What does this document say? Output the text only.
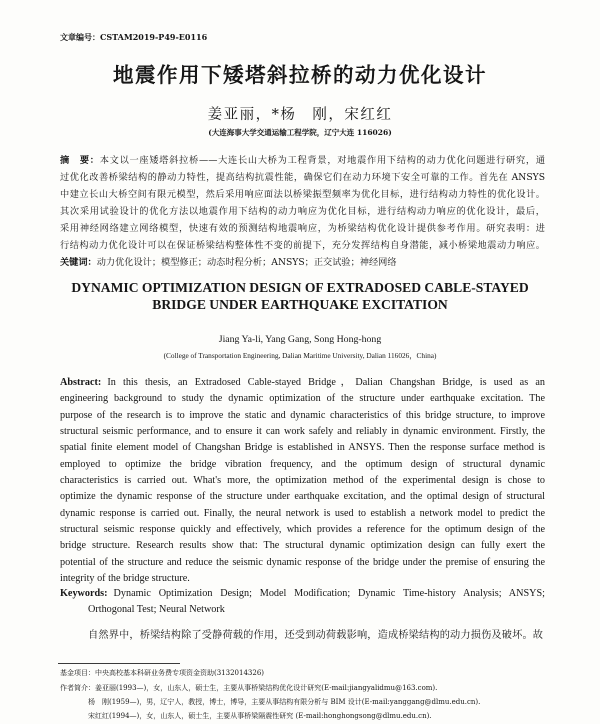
文章编号：CSTAM2019-P49-E0116
地震作用下矮塔斜拉桥的动力优化设计
姜亚丽，*杨　刚，宋红红
(大连海事大学交通运输工程学院，辽宁大连 116026)
摘　要：本文以一座矮塔斜拉桥——大连长山大桥为工程背景，对地震作用下结构的动力优化问题进行研究，通
过优化改善桥梁结构的静动力特性，提高结构抗震性能，确保它们在动力环境下安全可靠的工作。首先在 ANSYS
中建立长山大桥空间有限元模型，然后采用响应面法以桥梁振型频率为优化目标，进行结构动力特性的优化设计。
其次采用试验设计的优化方法以地震作用下结构的动力响应为优化目标，进行结构动力响应的优化设计，最后，
采用神经网络建立网络模型，快速有效的预测结构地震响应，为桥梁结构优化设计提供参考作用。研究表明：进
行结构动力优化设计可以在保证桥梁结构整体性不变的前提下，充分发挥结构自身潜能，减小桥梁地震动力响应。
关键词：动力优化设计；模型修正；动态时程分析；ANSYS；正交试验；神经网络
DYNAMIC OPTIMIZATION DESIGN OF EXTRADOSED CABLE-STAYED
BRIDGE UNDER EARTHQUAKE EXCITATION
Jiang Ya-li, Yang Gang, Song Hong-hong
(College of Transportation Engineering, Dalian Maritime University, Dalian 116026，China)
Abstract: In this thesis, an Extradosed Cable-stayed Bridge，Dalian Changshan Bridge, is used as an
engineering background to study the dynamic optimization of the structure under earthquake excitation. The
purpose of the research is to improve the static and dynamic characteristics of this bridge structure, to improve
structural seismic performance, and to ensure it can work safely and reliably in dynamic environment. Firstly, the
spatial finite element model of Changshan Bridge is established in ANSYS. Then the response surface method is
employed to optimize the bridge vibration frequency, and the optimum design of structural dynamic
characteristics is carried out. What's more, the optimization method of the experimental design is chose to
optimize the dynamic response of the structure under earthquake excitation, and the optimal design of structural
dynamic response is carried out. Finally, the neural network is used to establish a network model to predict the
structural seismic response quickly and effectively, which provides a reference for the optimum design of the
bridge structure. Research results show that: The structural dynamic optimization design can fully exert the
potential of the structure and reduce the seismic dynamic response of the bridge under the premise of ensuring the
integrity of the bridge structure.
Keywords: Dynamic Optimization Design; Model Modification; Dynamic Time-history Analysis; ANSYS;
Orthogonal Test; Neural Network
自然界中，桥梁结构除了受静荷载的作用，还受到动荷载影响，造成桥梁结构的动力损伤及破坏。故
基金项目：中央高校基本科研业务费专项资金资助(3132014326)
作者简介：姜亚丽(1993—)，女，山东人，硕士生，主要从事桥梁结构优化设计研究(E-mail:jiangyalidmu@163.com).
杨　刚(1959—)，男，辽宁人，教授，博士，博导，主要从事结构有限分析与 BIM 设计(E-mail:yanggang@dlmu.edu.cn).
宋红红(1994—)，女，山东人，硕士生，主要从事桥梁隔震性研究 (E-mail:honghongsong@dlmu.edu.cn).
